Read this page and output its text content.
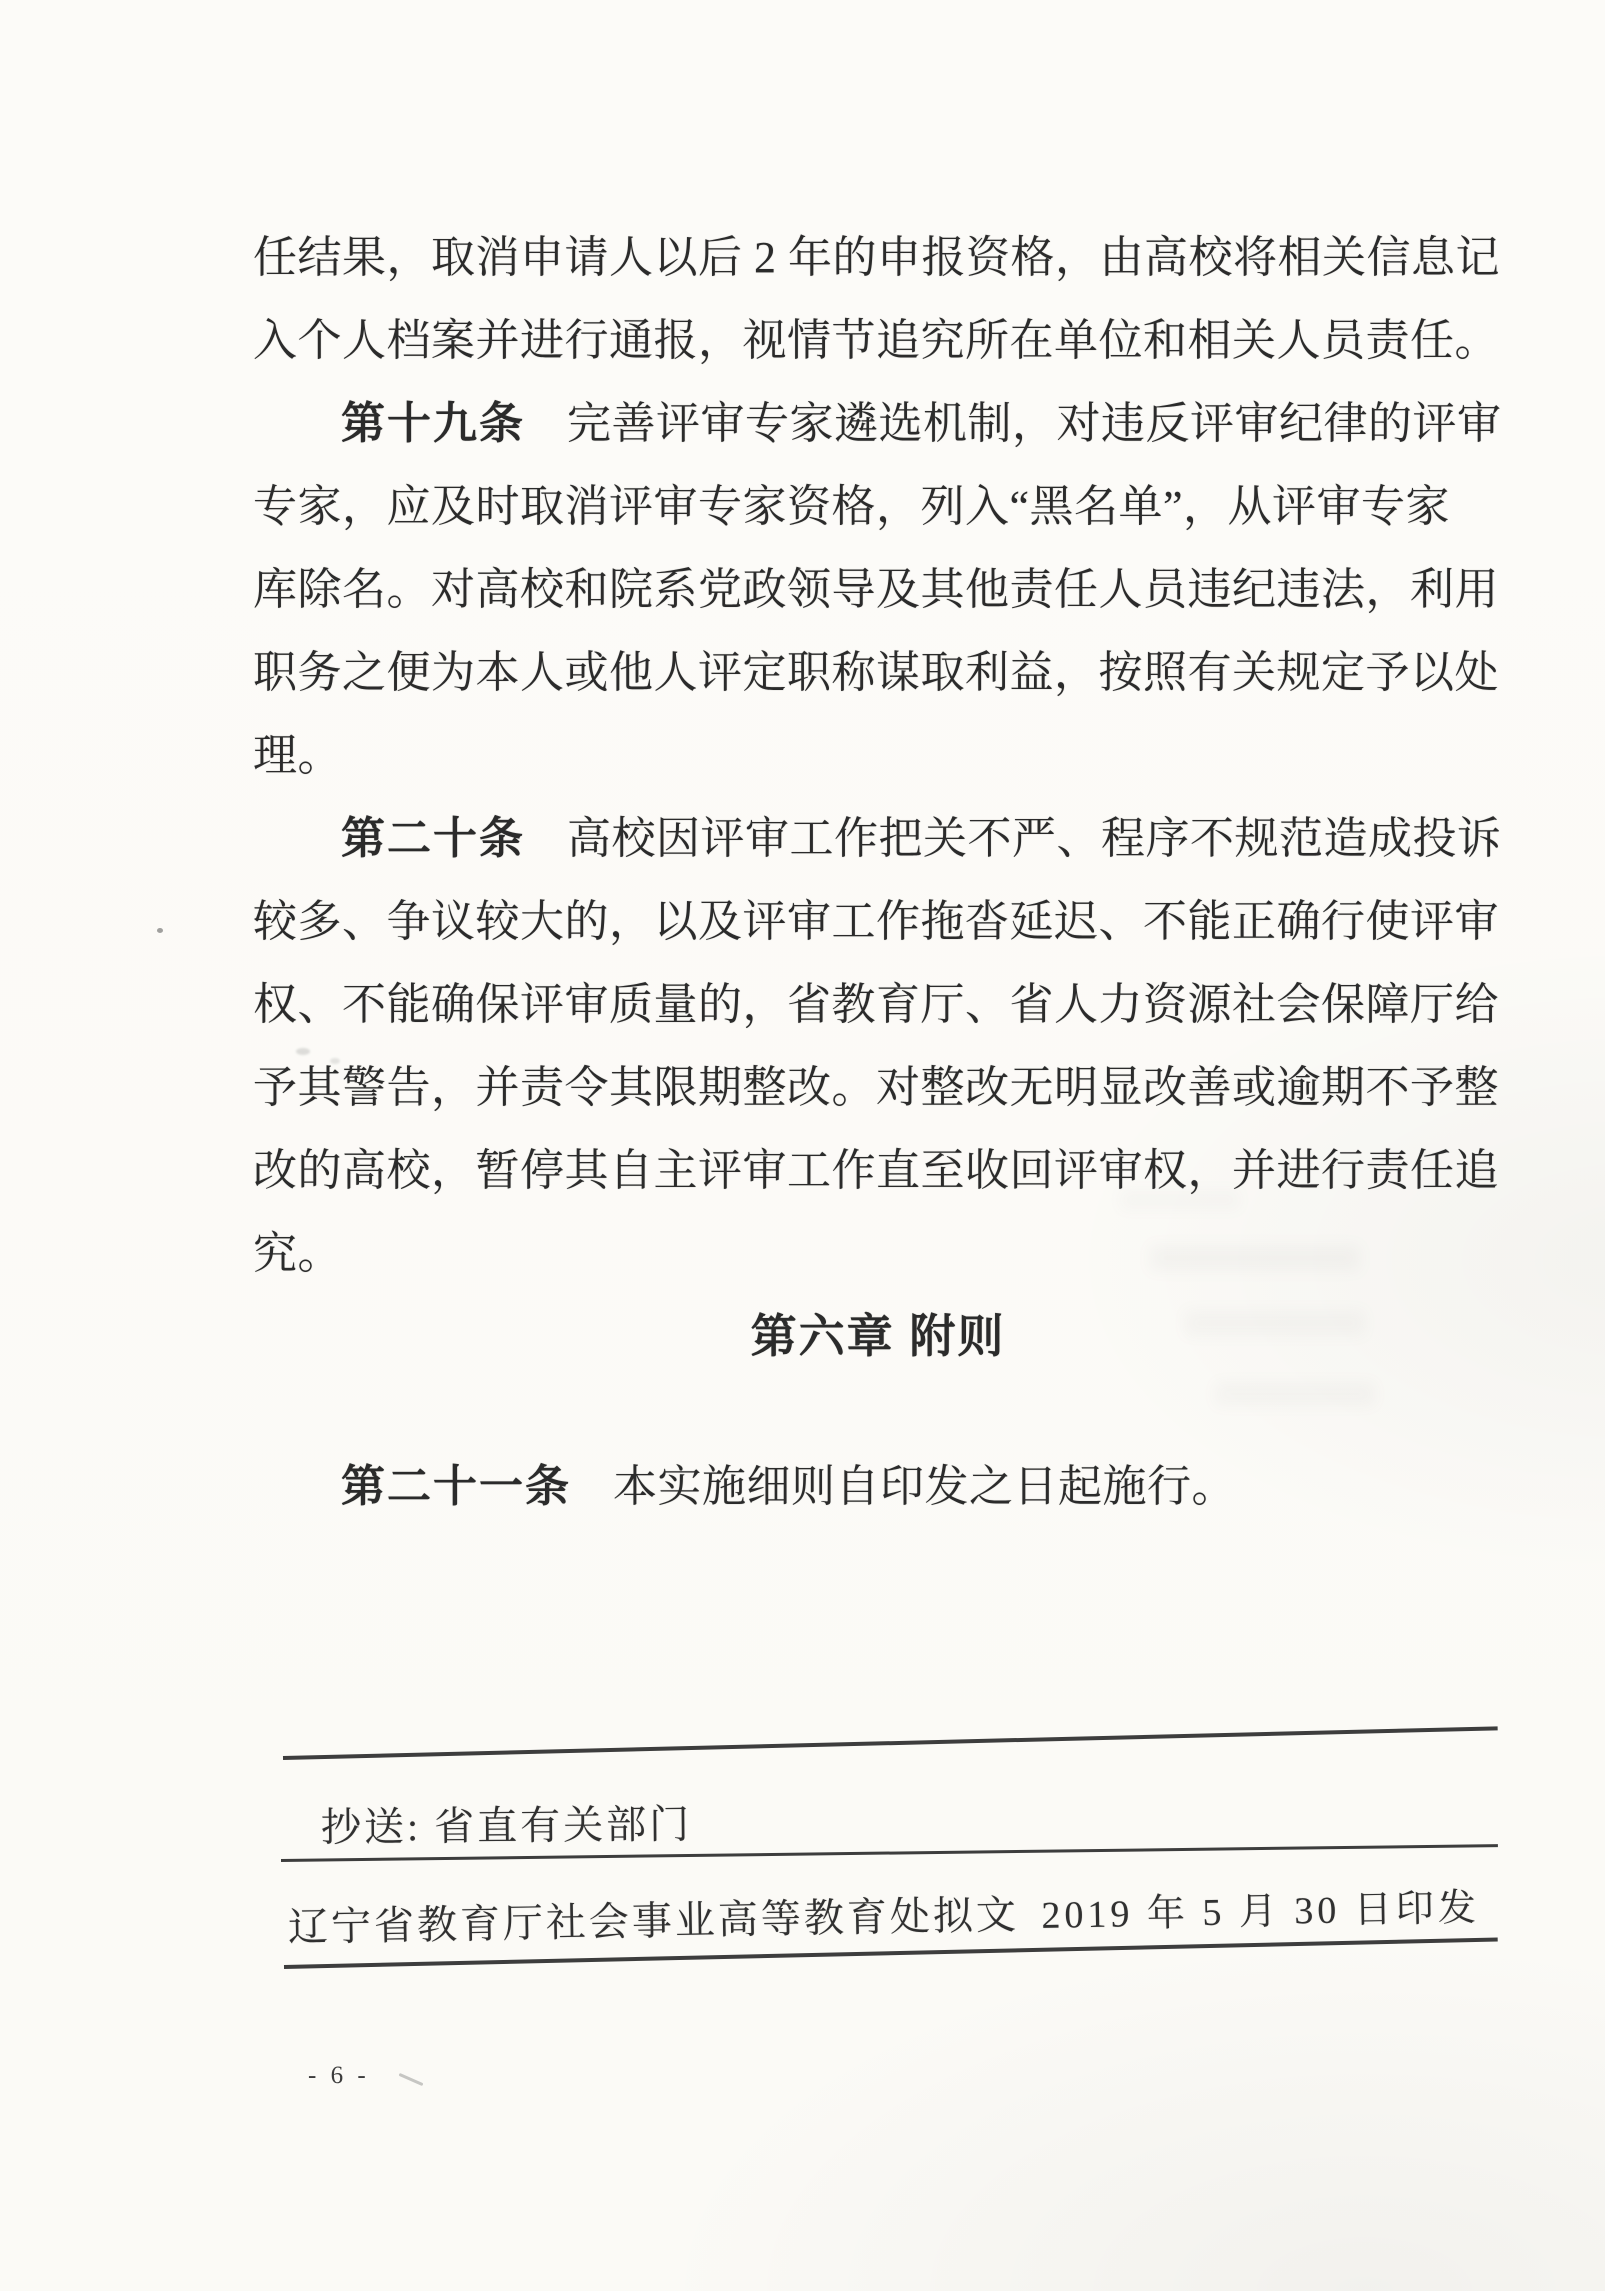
任结果，取消申请人以后 2 年的申报资格，由高校将相关信息记
入个人档案并进行通报，视情节追究所在单位和相关人员责任。
第十九条 完善评审专家遴选机制，对违反评审纪律的评审
专家，应及时取消评审专家资格，列入“黑名单”，从评审专家
库除名。对高校和院系党政领导及其他责任人员违纪违法，利用
职务之便为本人或他人评定职称谋取利益，按照有关规定予以处
理。
第二十条 高校因评审工作把关不严、程序不规范造成投诉
较多、争议较大的，以及评审工作拖沓延迟、不能正确行使评审
权、不能确保评审质量的，省教育厅、省人力资源社会保障厅给
予其警告，并责令其限期整改。对整改无明显改善或逾期不予整
改的高校，暂停其自主评审工作直至收回评审权，并进行责任追
究。
第六章 附则
第二十一条 本实施细则自印发之日起施行。
抄送: 省直有关部门
辽宁省教育厅社会事业高等教育处拟文 2019 年 5 月 30 日印发
- 6 -
